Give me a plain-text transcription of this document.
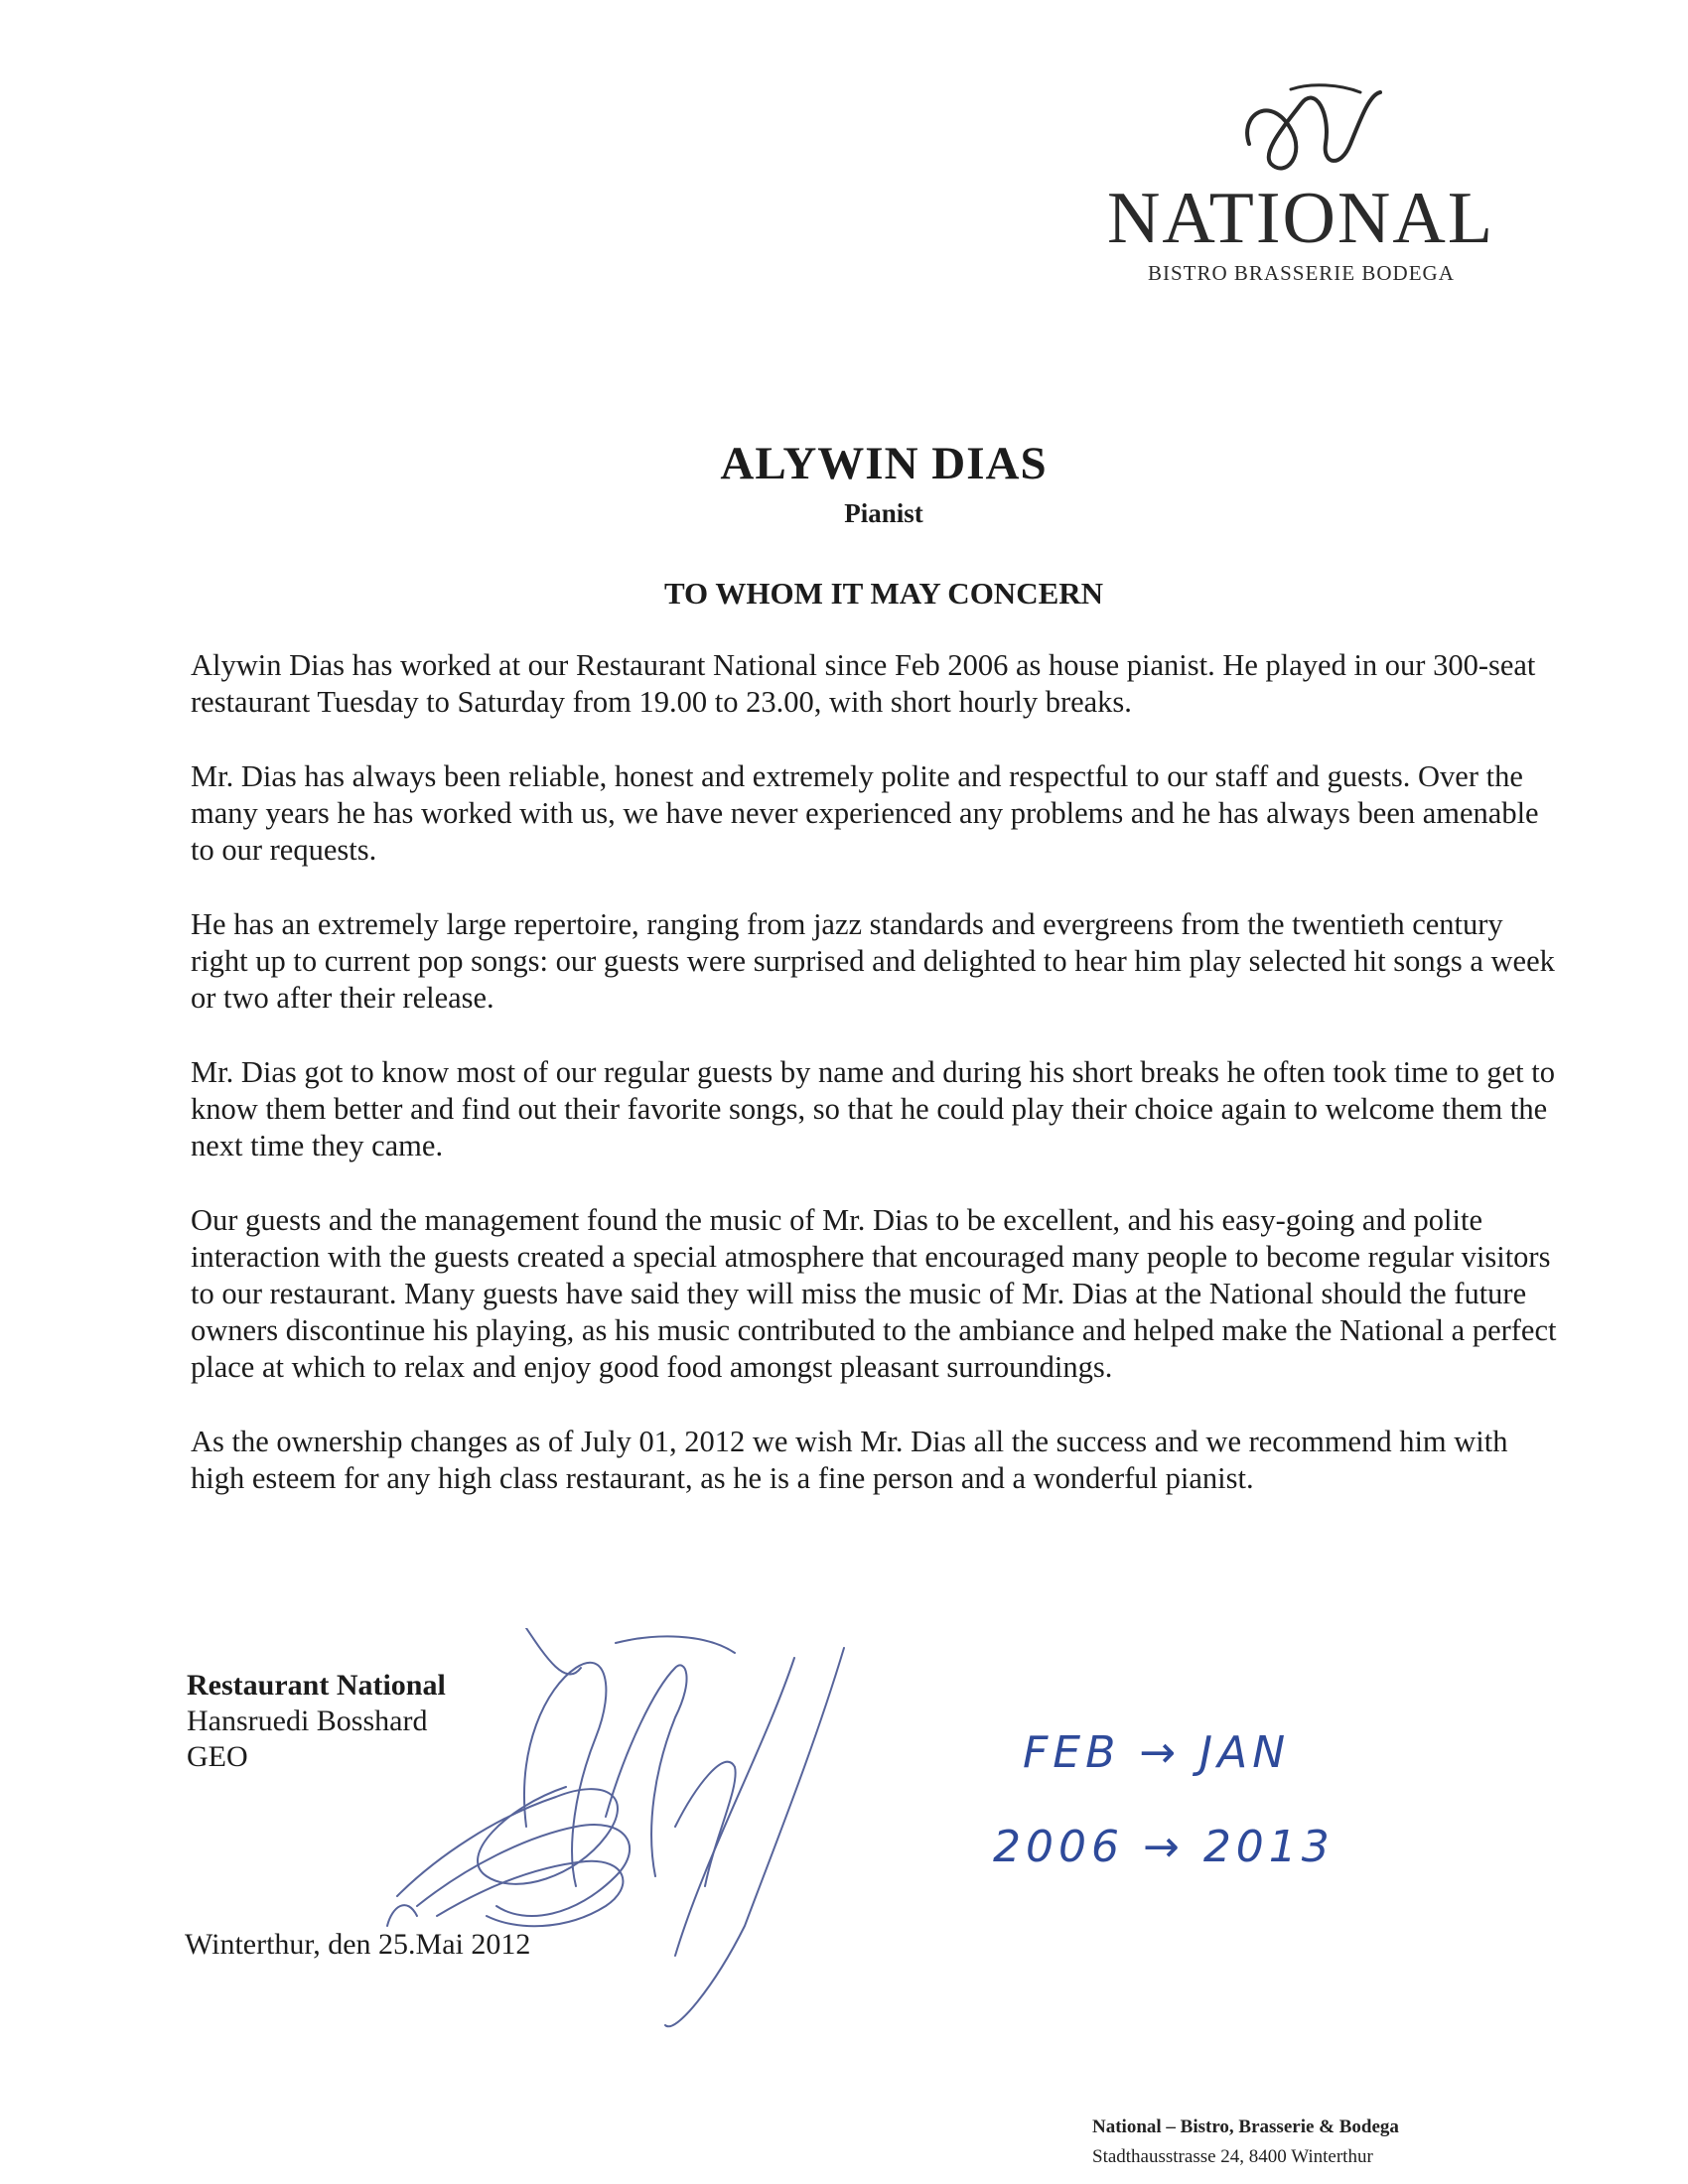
NATIONAL
BISTRO BRASSERIE BODEGA
ALYWIN DIAS
Pianist
TO WHOM IT MAY CONCERN

Alywin Dias has worked at our Restaurant National since Feb 2006 as house pianist. He played in our 300-seat restaurant Tuesday to Saturday from 19.00 to 23.00, with short hourly breaks.

Mr. Dias has always been reliable, honest and extremely polite and respectful to our staff and guests. Over the many years he has worked with us, we have never experienced any problems and he has always been amenable to our requests.

He has an extremely large repertoire, ranging from jazz standards and evergreens from the twentieth century right up to current pop songs: our guests were surprised and delighted to hear him play selected hit songs a week or two after their release.

Mr. Dias got to know most of our regular guests by name and during his short breaks he often took time to get to know them better and find out their favorite songs, so that he could play their choice again to welcome them the next time they came.

Our guests and the management found the music of Mr. Dias to be excellent, and his easy-going and polite interaction with the guests created a special atmosphere that encouraged many people to become regular visitors to our restaurant. Many guests have said they will miss the music of Mr. Dias at the National should the future owners discontinue his playing, as his music contributed to the ambiance and helped make the National a perfect place at which to relax and enjoy good food amongst pleasant surroundings.

As the ownership changes as of July 01, 2012 we wish Mr. Dias all the success and we recommend him with high esteem for any high class restaurant, as he is a fine person and a wonderful pianist.

Restaurant National
Hansruedi Bosshard
GEO	FEB → JAN
2006 → 2013
Winterthur, den 25.Mai 2012
National – Bistro, Brasserie & Bodega
Stadthausstrasse 24, 8400 Winterthur
